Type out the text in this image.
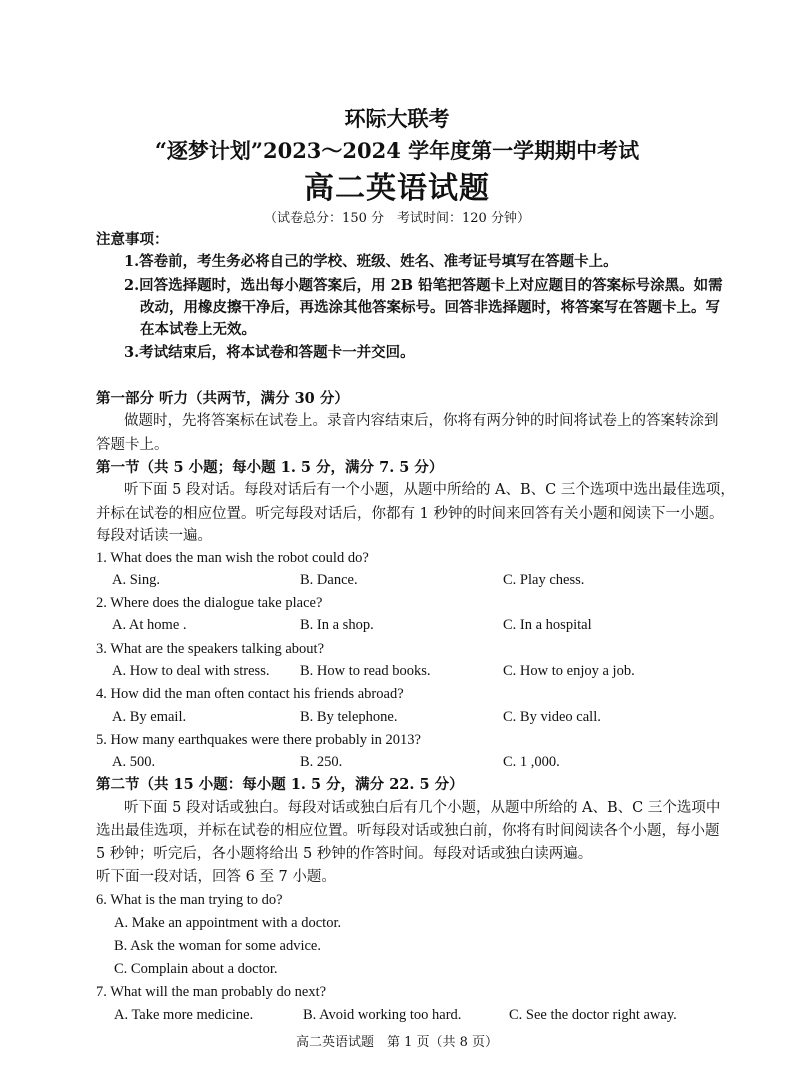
环际大联考
“逐梦计划”2023～2024 学年度第一学期期中考试
高二英语试题
（试卷总分：150 分　考试时间：120 分钟）
注意事项：
1.答卷前，考生务必将自己的学校、班级、姓名、准考证号填写在答题卡上。
2.回答选择题时，选出每小题答案后，用 2B 铅笔把答题卡上对应题目的答案标号涂黑。如需
改动，用橡皮擦干净后，再选涂其他答案标号。回答非选择题时，将答案写在答题卡上。写
在本试卷上无效。
3.考试结束后，将本试卷和答题卡一并交回。
第一部分 听力（共两节，满分 30 分）
做题时，先将答案标在试卷上。录音内容结束后，你将有两分钟的时间将试卷上的答案转涂到
答题卡上。
第一节（共 5 小题；每小题 1. 5 分，满分 7. 5 分）
听下面 5 段对话。每段对话后有一个小题，从题中所给的 A、B、C 三个选项中选出最佳选项，
并标在试卷的相应位置。听完每段对话后，你都有 1 秒钟的时间来回答有关小题和阅读下一小题。
每段对话读一遍。
1. What does the man wish the robot could do?
A. Sing.	B. Dance.	C. Play chess.
2. Where does the dialogue take place?
A. At home .	B. In a shop.	C. In a hospital
3. What are the speakers talking about?
A. How to deal with stress. B. How to read books.	C. How to enjoy a job.
4. How did the man often contact his friends abroad?
A. By email.	B. By telephone.	C. By video call.
5. How many earthquakes were there probably in 2013?
A. 500.	B. 250.	C. 1 ,000.
第二节（共 15 小题：每小题 1. 5 分，满分 22. 5 分）
听下面 5 段对话或独白。每段对话或独白后有几个小题，从题中所给的 A、B、C 三个选项中
选出最佳选项，并标在试卷的相应位置。听每段对话或独白前，你将有时间阅读各个小题，每小题
5 秒钟；听完后，各小题将给出 5 秒钟的作答时间。每段对话或独白读两遍。
听下面一段对话，回答 6 至 7 小题。
6. What is the man trying to do?
A. Make an appointment with a doctor.
B. Ask the woman for some advice.
C. Complain about a doctor.
7. What will the man probably do next?
A. Take more medicine.	B. Avoid working too hard.	C. See the doctor right away.
高二英语试题　第 1 页（共 8 页）
